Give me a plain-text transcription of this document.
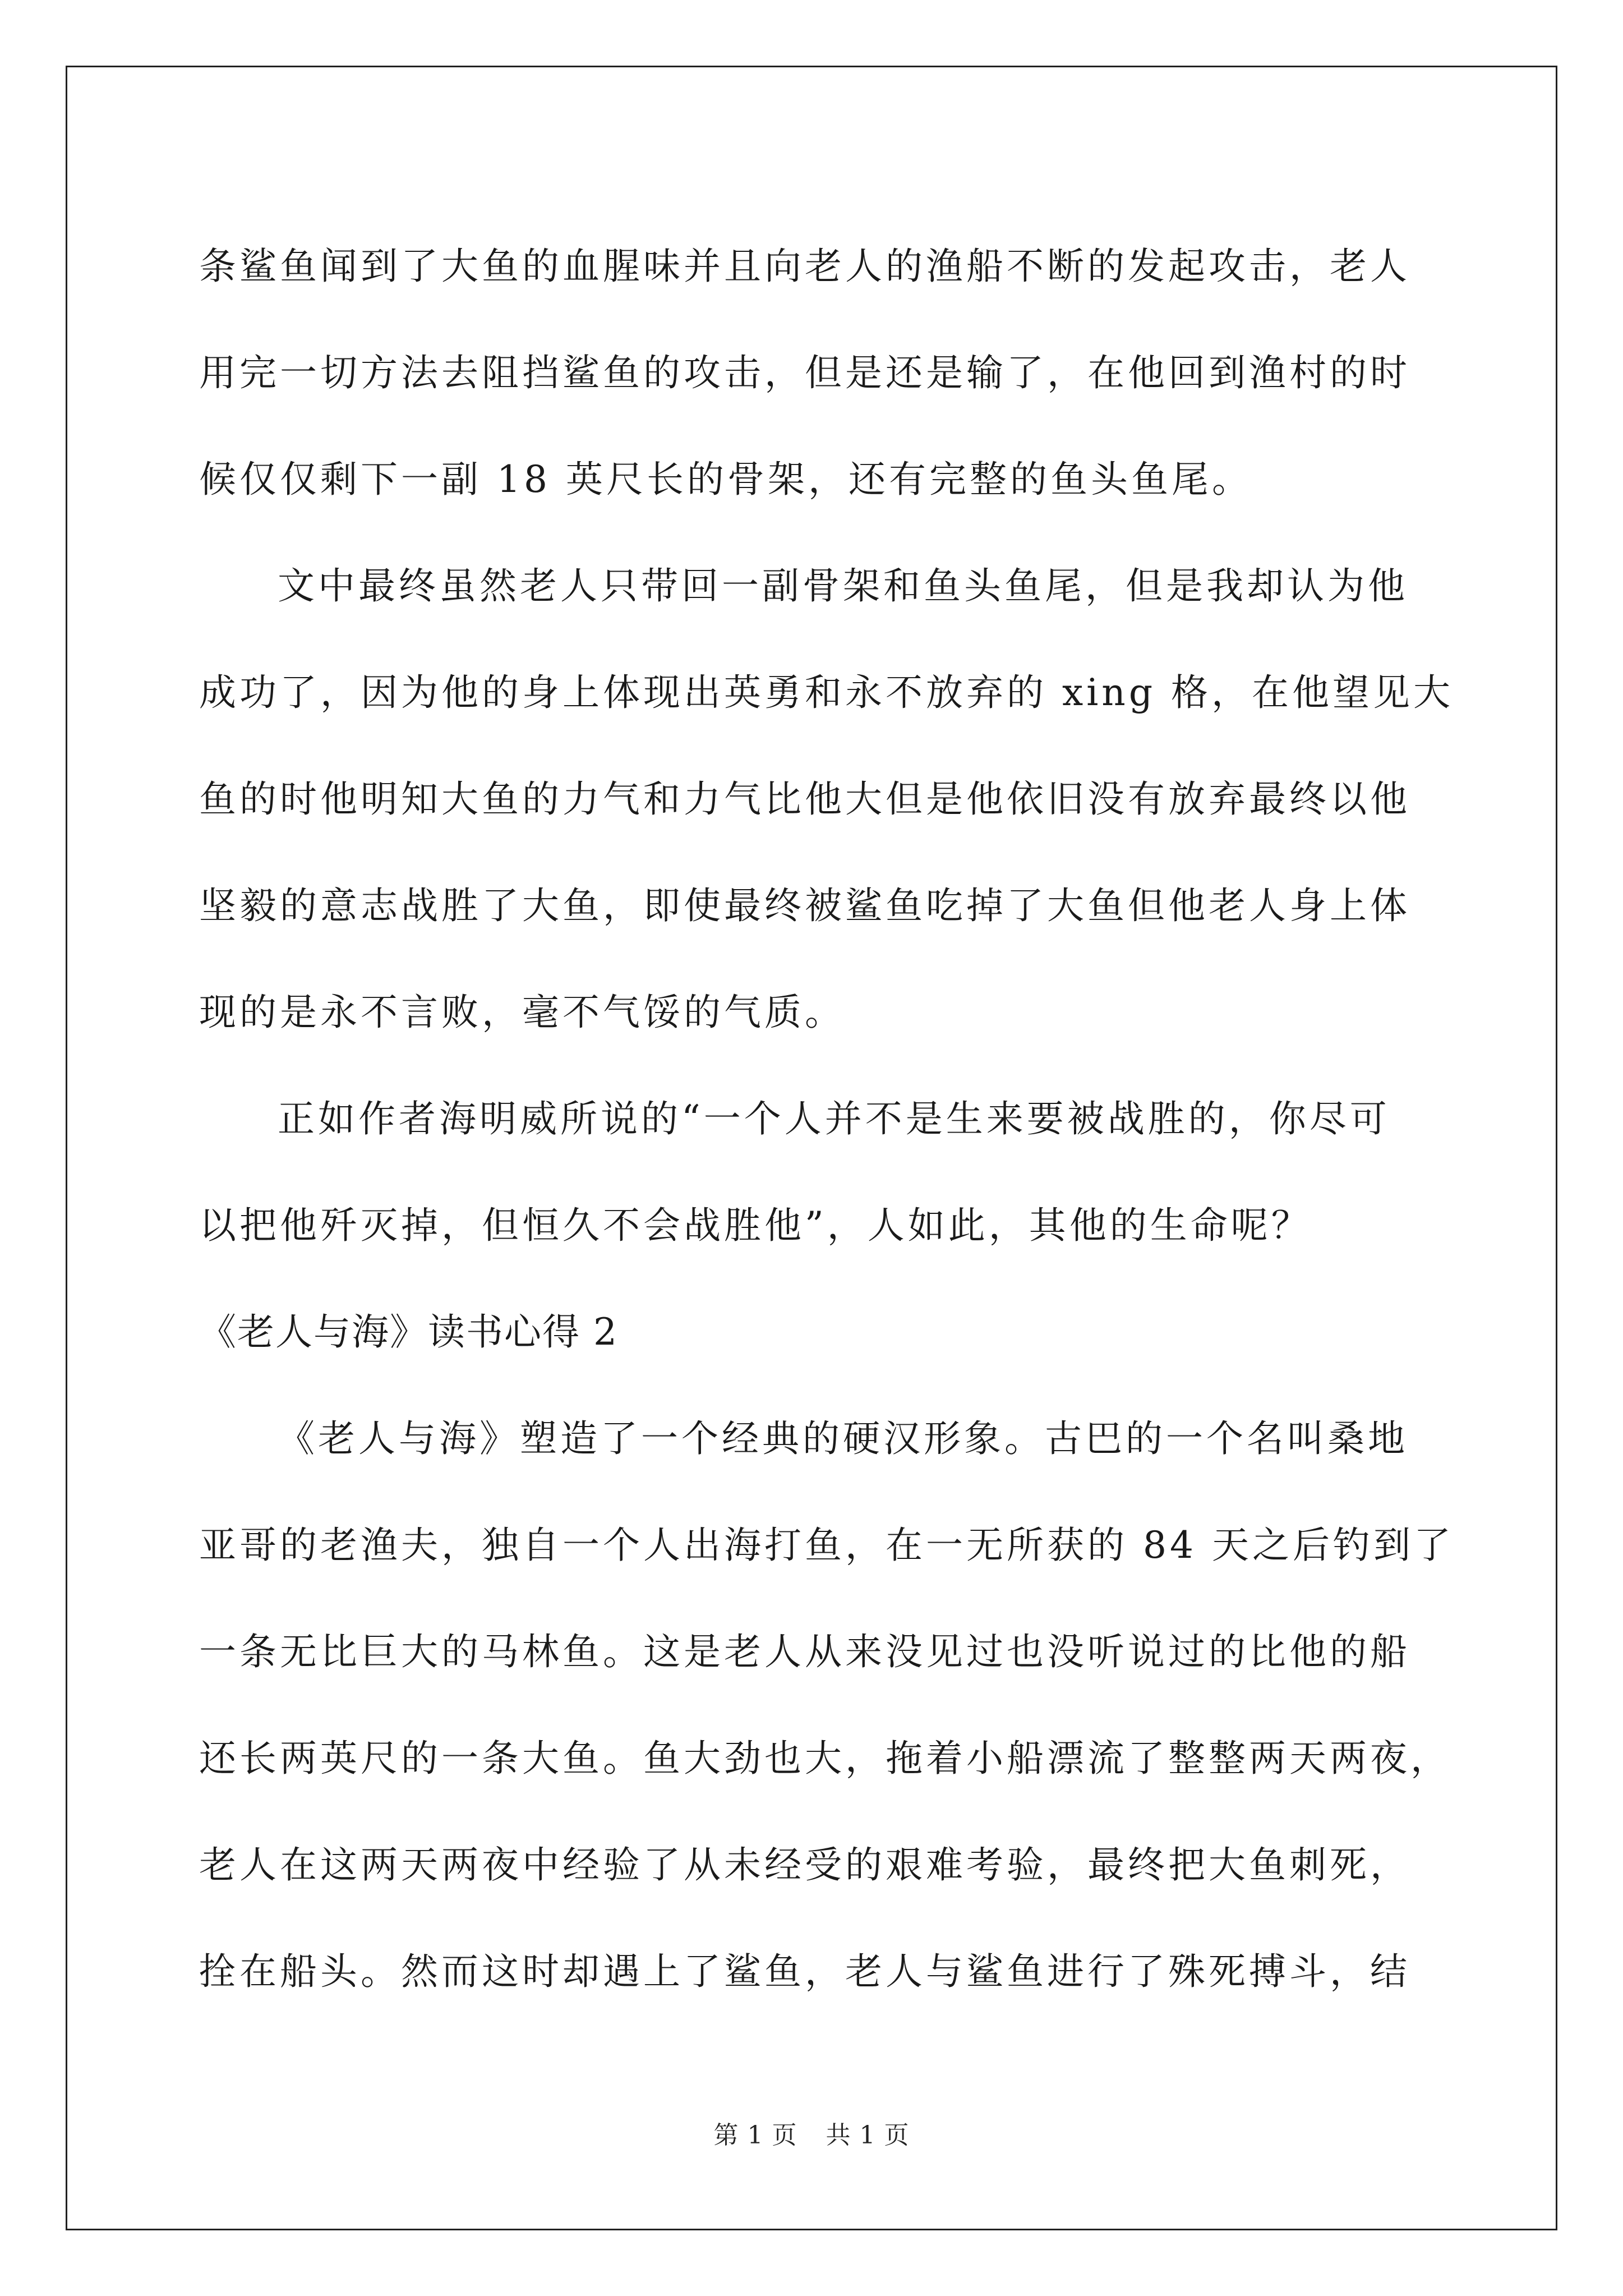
条鲨鱼闻到了大鱼的血腥味并且向老人的渔船不断的发起攻击，老人
用完一切方法去阻挡鲨鱼的攻击，但是还是输了，在他回到渔村的时
候仅仅剩下一副 18 英尺长的骨架，还有完整的鱼头鱼尾。
文中最终虽然老人只带回一副骨架和鱼头鱼尾，但是我却认为他
成功了，因为他的身上体现出英勇和永不放弃的 xing 格，在他望见大
鱼的时他明知大鱼的力气和力气比他大但是他依旧没有放弃最终以他
坚毅的意志战胜了大鱼，即使最终被鲨鱼吃掉了大鱼但他老人身上体
现的是永不言败，毫不气馁的气质。
正如作者海明威所说的“一个人并不是生来要被战胜的，你尽可
以把他歼灭掉，但恒久不会战胜他”，人如此，其他的生命呢？
《老人与海》读书心得 2
《老人与海》塑造了一个经典的硬汉形象。古巴的一个名叫桑地
亚哥的老渔夫，独自一个人出海打鱼，在一无所获的 84 天之后钓到了
一条无比巨大的马林鱼。这是老人从来没见过也没听说过的比他的船
还长两英尺的一条大鱼。鱼大劲也大，拖着小船漂流了整整两天两夜，
老人在这两天两夜中经验了从未经受的艰难考验，最终把大鱼刺死，
拴在船头。然而这时却遇上了鲨鱼，老人与鲨鱼进行了殊死搏斗，结
第 1 页 共 1 页
